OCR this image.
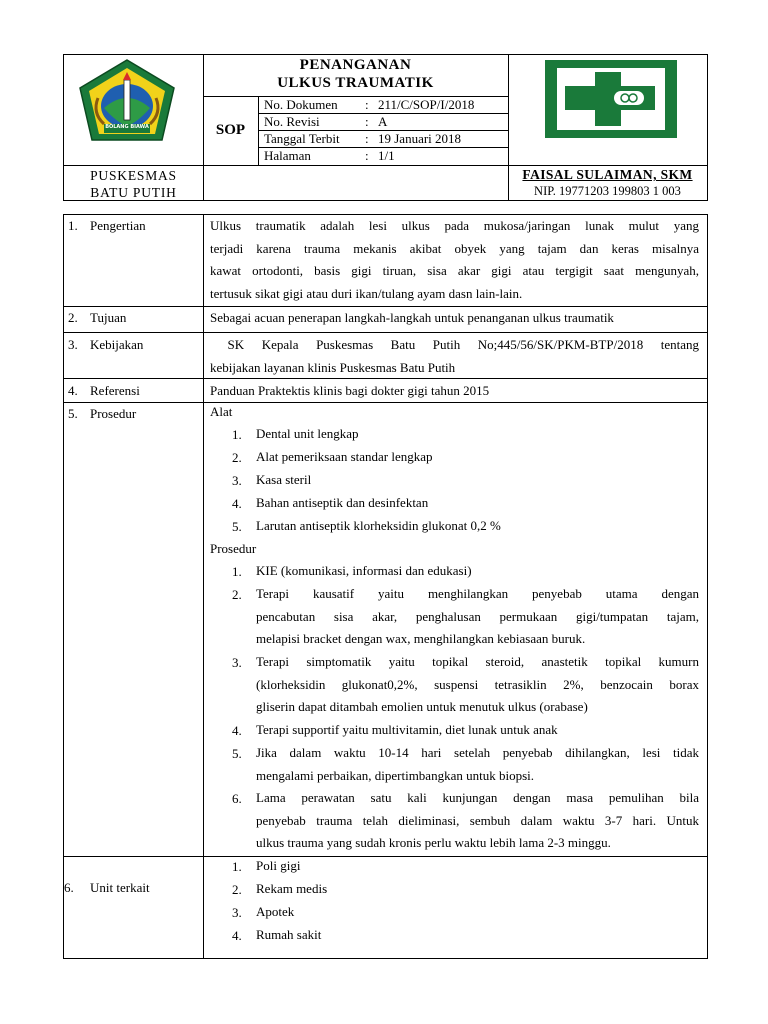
BOLANG BIAWA
PENANGANAN
ULKUS TRAUMATIK
SOP
No. Dokumen : 211/C/SOP/I/2018
No. Revisi	: A
Tanggal Terbit : 19 Januari 2018
Halaman	: 1/1
PUSKESMAS
BATU PUTIH
FAISAL SULAIMAN, SKM
NIP. 19771203 199803 1 003
1. Pengertian	Ulkus traumatik adalah lesi ulkus pada mukosa/jaringan lunak mulut yang
terjadi karena trauma mekanis akibat obyek yang tajam dan keras misalnya
kawat ortodonti, basis gigi tiruan, sisa akar gigi atau tergigit saat mengunyah,
tertusuk sikat gigi atau duri ikan/tulang ayam dasn lain-lain.
2. Tujuan	Sebagai acuan penerapan langkah-langkah untuk penanganan ulkus traumatik
3. Kebijakan	SK Kepala Puskesmas Batu Putih No;445/56/SK/PKM-BTP/2018 tentang
kebijakan layanan klinis Puskesmas Batu Putih
4. Referensi	Panduan Praktektis klinis bagi dokter gigi tahun 2015
5. Prosedur	Alat
1. Dental unit lengkap
2. Alat pemeriksaan standar lengkap
3. Kasa steril
4. Bahan antiseptik dan desinfektan
5. Larutan antiseptik klorheksidin glukonat 0,2 %
Prosedur
1. KIE (komunikasi, informasi dan edukasi)
2. Terapi kausatif yaitu menghilangkan penyebab utama dengan
pencabutan sisa akar, penghalusan permukaan gigi/tumpatan tajam,
melapisi bracket dengan wax, menghilangkan kebiasaan buruk.
3. Terapi simptomatik yaitu topikal steroid, anastetik topikal kumurn
(klorheksidin glukonat0,2%, suspensi tetrasiklin 2%, benzocain borax
gliserin dapat ditambah emolien untuk menutuk ulkus (orabase)
4. Terapi supportif yaitu multivitamin, diet lunak untuk anak
5. Jika dalam waktu 10-14 hari setelah penyebab dihilangkan, lesi tidak
mengalami perbaikan, dipertimbangkan untuk biopsi.
6. Lama perawatan satu kali kunjungan dengan masa pemulihan bila
penyebab trauma telah dieliminasi, sembuh dalam waktu 3-7 hari. Untuk
ulkus trauma yang sudah kronis perlu waktu lebih lama 2-3 minggu.
6. Unit terkait
1. Poli gigi
2. Rekam medis
3. Apotek
4. Rumah sakit
